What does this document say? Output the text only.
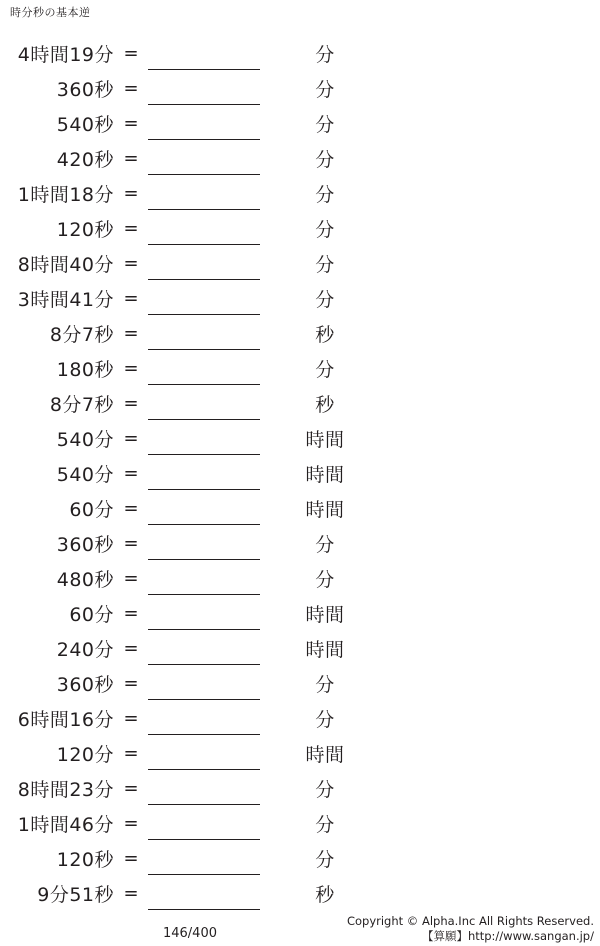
時分秒の基本逆
4時間19分 =	分
360秒 =	分
540秒 =	分
420秒 =	分
1時間18分 =	分
120秒 =	分
8時間40分 =	分
3時間41分 =	分
8分7秒 =	秒
180秒 =	分
8分7秒 =	秒
540分 =	時間
540分 =	時間
60分 =	時間
360秒 =	分
480秒 =	分
60分 =	時間
240分 =	時間
360秒 =	分
6時間16分 =	分
120分 =	時間
8時間23分 =	分
1時間46分 =	分
120秒 =	分
9分51秒 =	秒
146/400
Copyright © Alpha.Inc All Rights Reserved.
【算願】http://www.sangan.jp/
